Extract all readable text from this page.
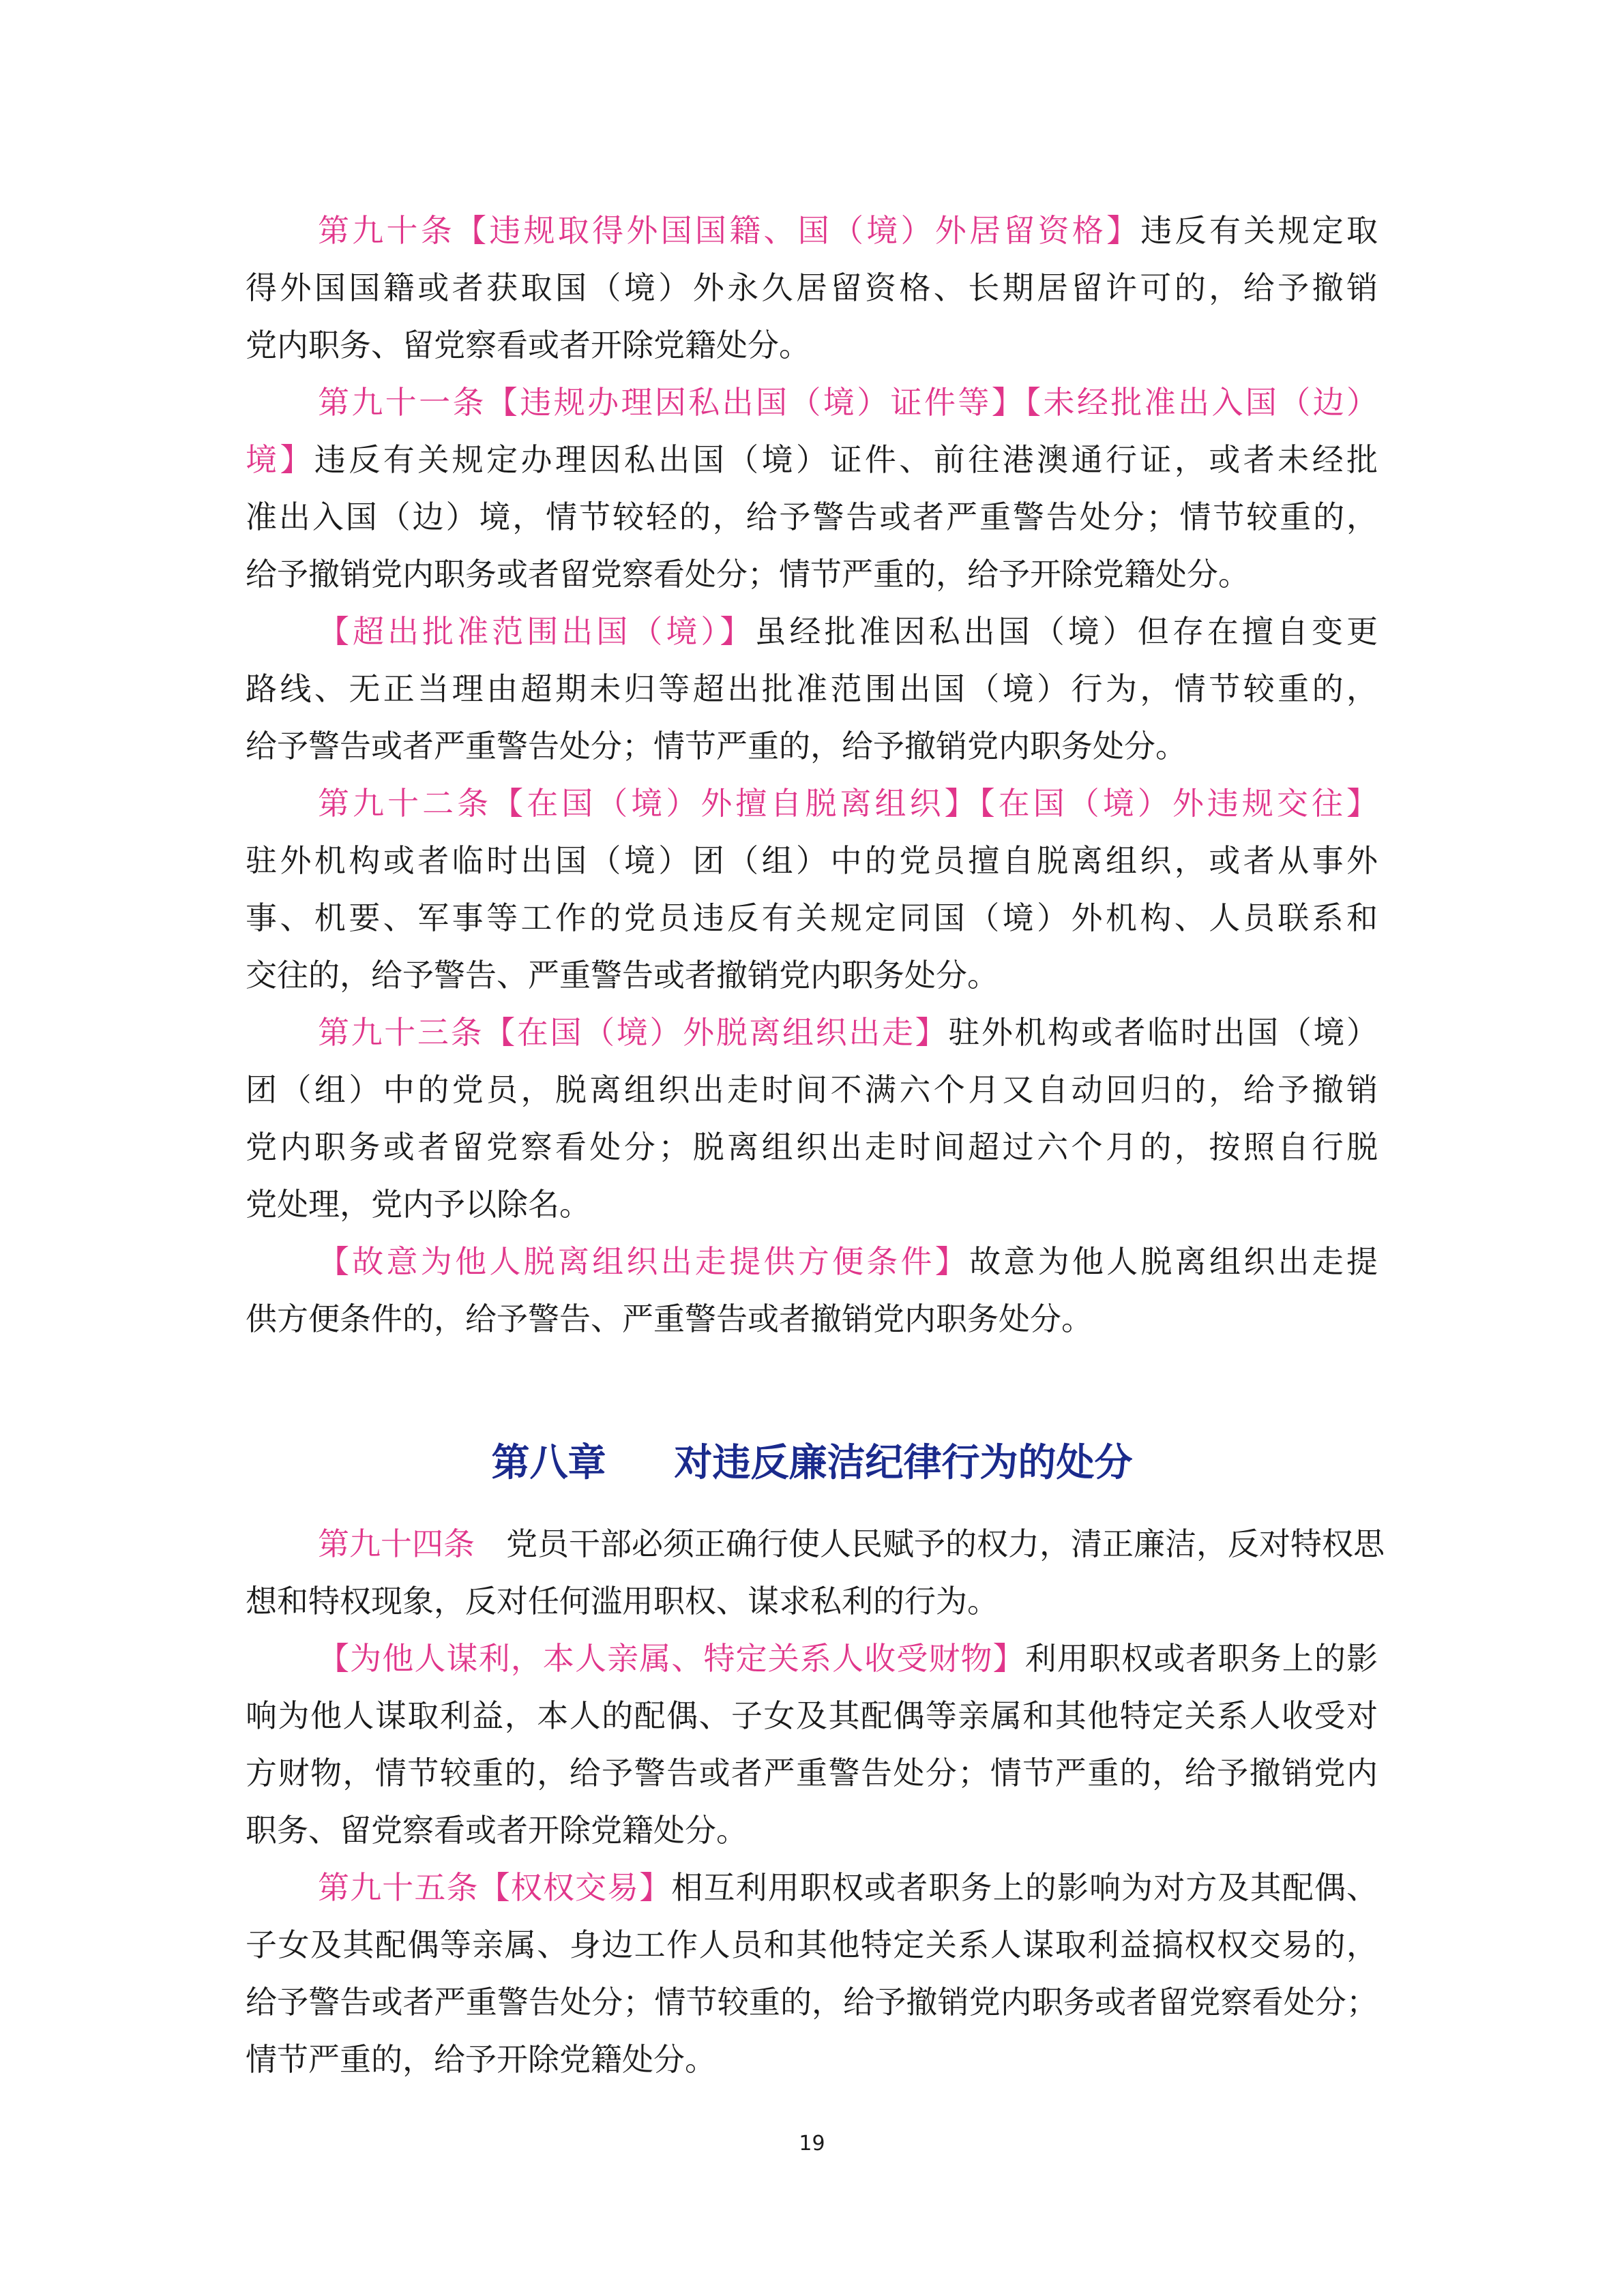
第九十条【违规取得外国国籍、国（境）外居留资格】违反有关规定取
得外国国籍或者获取国（境）外永久居留资格、长期居留许可的，给予撤销
党内职务、留党察看或者开除党籍处分。
第九十一条【违规办理因私出国（境）证件等】【未经批准出入国（边）
境】违反有关规定办理因私出国（境）证件、前往港澳通行证，或者未经批
准出入国（边）境，情节较轻的，给予警告或者严重警告处分；情节较重的，
给予撤销党内职务或者留党察看处分；情节严重的，给予开除党籍处分。
【超出批准范围出国（境）】虽经批准因私出国（境）但存在擅自变更
路线、无正当理由超期未归等超出批准范围出国（境）行为，情节较重的，
给予警告或者严重警告处分；情节严重的，给予撤销党内职务处分。
第九十二条【在国（境）外擅自脱离组织】【在国（境）外违规交往】
驻外机构或者临时出国（境）团（组）中的党员擅自脱离组织，或者从事外
事、机要、军事等工作的党员违反有关规定同国（境）外机构、人员联系和
交往的，给予警告、严重警告或者撤销党内职务处分。
第九十三条【在国（境）外脱离组织出走】驻外机构或者临时出国（境）
团（组）中的党员，脱离组织出走时间不满六个月又自动回归的，给予撤销
党内职务或者留党察看处分；脱离组织出走时间超过六个月的，按照自行脱
党处理，党内予以除名。
【故意为他人脱离组织出走提供方便条件】故意为他人脱离组织出走提
供方便条件的，给予警告、严重警告或者撤销党内职务处分。
第八章 对违反廉洁纪律行为的处分
第九十四条　党员干部必须正确行使人民赋予的权力，清正廉洁，反对特权思
想和特权现象，反对任何滥用职权、谋求私利的行为。
【为他人谋利，本人亲属、特定关系人收受财物】利用职权或者职务上的影
响为他人谋取利益，本人的配偶、子女及其配偶等亲属和其他特定关系人收受对
方财物，情节较重的，给予警告或者严重警告处分；情节严重的，给予撤销党内
职务、留党察看或者开除党籍处分。
第九十五条【权权交易】相互利用职权或者职务上的影响为对方及其配偶、
子女及其配偶等亲属、身边工作人员和其他特定关系人谋取利益搞权权交易的，
给予警告或者严重警告处分；情节较重的，给予撤销党内职务或者留党察看处分；
情节严重的，给予开除党籍处分。
19
